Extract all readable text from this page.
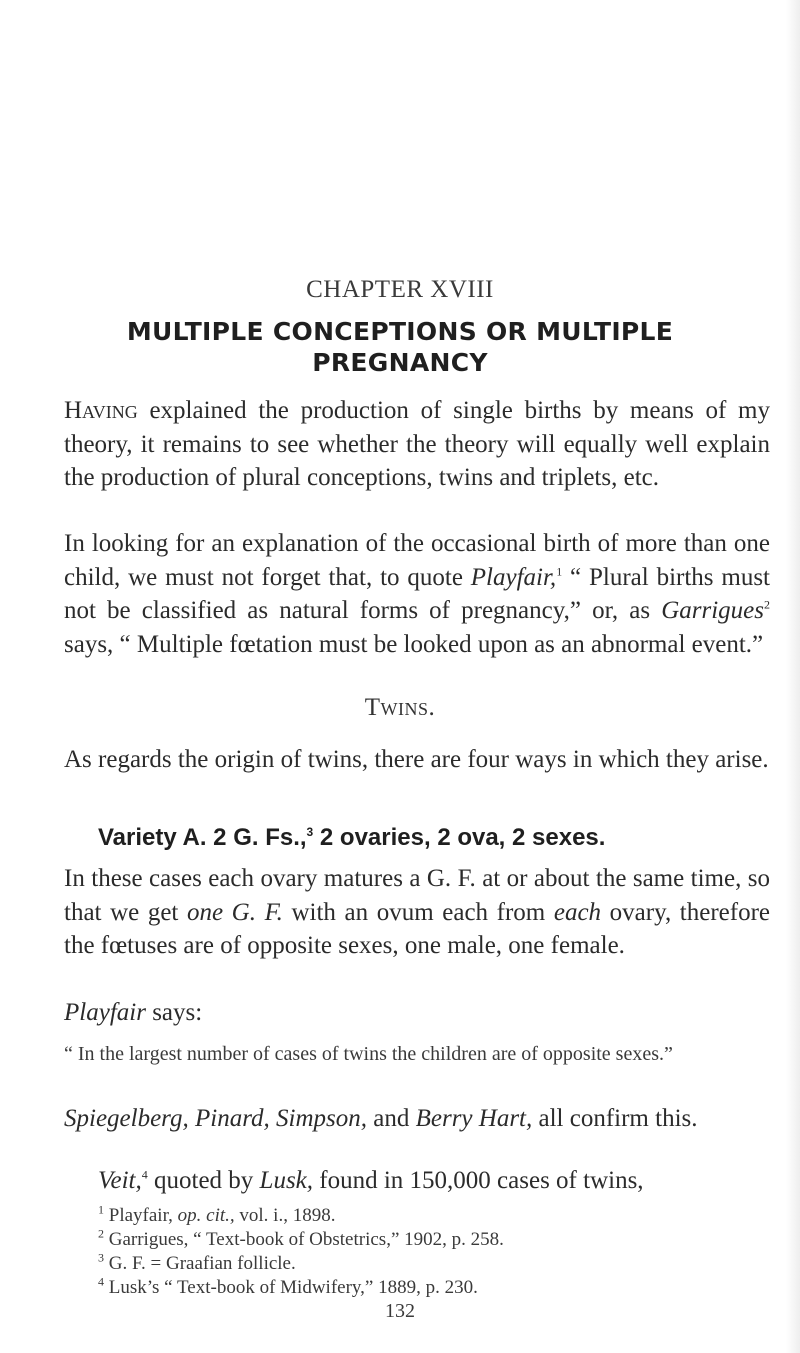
CHAPTER XVIII
MULTIPLE CONCEPTIONS OR MULTIPLE PREGNANCY

Having explained the production of single births by means of my theory, it remains to see whether the theory will equally well explain the production of plural conceptions, twins and triplets, etc.

In looking for an explanation of the occasional birth of more than one child, we must not forget that, to quote Playfair,$^1$ “ Plural births must not be classified as natural forms of pregnancy,” or, as Garrigues$^2$ says, “ Multiple fœtation must be looked upon as an abnormal event.”

Twins.

As regards the origin of twins, there are four ways in which they arise.

Variety A. 2 G. Fs.,$^3$ 2 ovaries, 2 ova, 2 sexes.

In these cases each ovary matures a G. F. at or about the same time, so that we get one G. F. with an ovum each from each ovary, therefore the fœtuses are of opposite sexes, one male, one female.

Playfair says:

“ In the largest number of cases of twins the children are of opposite sexes.”

Spiegelberg, Pinard, Simpson, and Berry Hart, all confirm this.

Veit,$^4$ quoted by Lusk, found in 150,000 cases of twins,

$^1$ Playfair, op. cit., vol. i., 1898.
$^2$ Garrigues, “ Text-book of Obstetrics,” 1902, p. 258.
$^3$ G. F. = Graafian follicle.
$^4$ Lusk’s “ Text-book of Midwifery,” 1889, p. 230.
132
